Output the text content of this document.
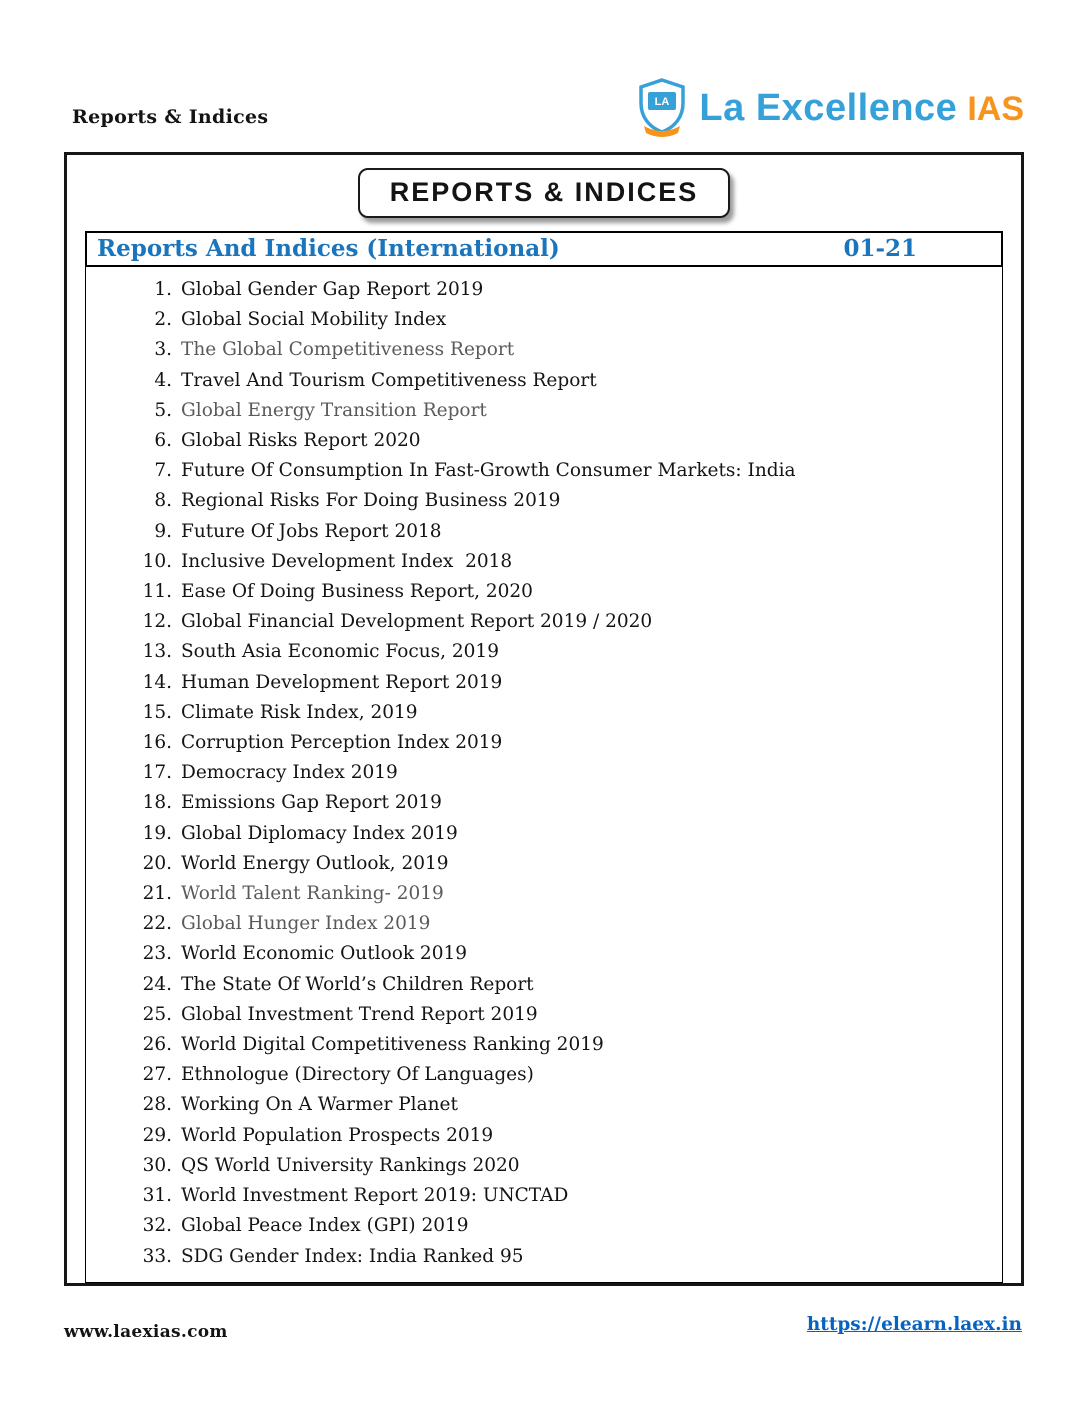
Reports & Indices
LA La Excellence IAS
REPORTS & INDICES
Reports And Indices (International)	01-21
1. Global Gender Gap Report 2019
2. Global Social Mobility Index
3. The Global Competitiveness Report
4. Travel And Tourism Competitiveness Report
5. Global Energy Transition Report
6. Global Risks Report 2020
7. Future Of Consumption In Fast-Growth Consumer Markets: India
8. Regional Risks For Doing Business 2019
9. Future Of Jobs Report 2018
10. Inclusive Development Index  2018
11. Ease Of Doing Business Report, 2020
12. Global Financial Development Report 2019 / 2020
13. South Asia Economic Focus, 2019
14. Human Development Report 2019
15. Climate Risk Index, 2019
16. Corruption Perception Index 2019
17. Democracy Index 2019
18. Emissions Gap Report 2019
19. Global Diplomacy Index 2019
20. World Energy Outlook, 2019
21. World Talent Ranking- 2019
22. Global Hunger Index 2019
23. World Economic Outlook 2019
24. The State Of World’s Children Report
25. Global Investment Trend Report 2019
26. World Digital Competitiveness Ranking 2019
27. Ethnologue (Directory Of Languages)
28. Working On A Warmer Planet
29. World Population Prospects 2019
30. QS World University Rankings 2020
31. World Investment Report 2019: UNCTAD
32. Global Peace Index (GPI) 2019
33. SDG Gender Index: India Ranked 95
www.laexias.com	https://elearn.laex.in
